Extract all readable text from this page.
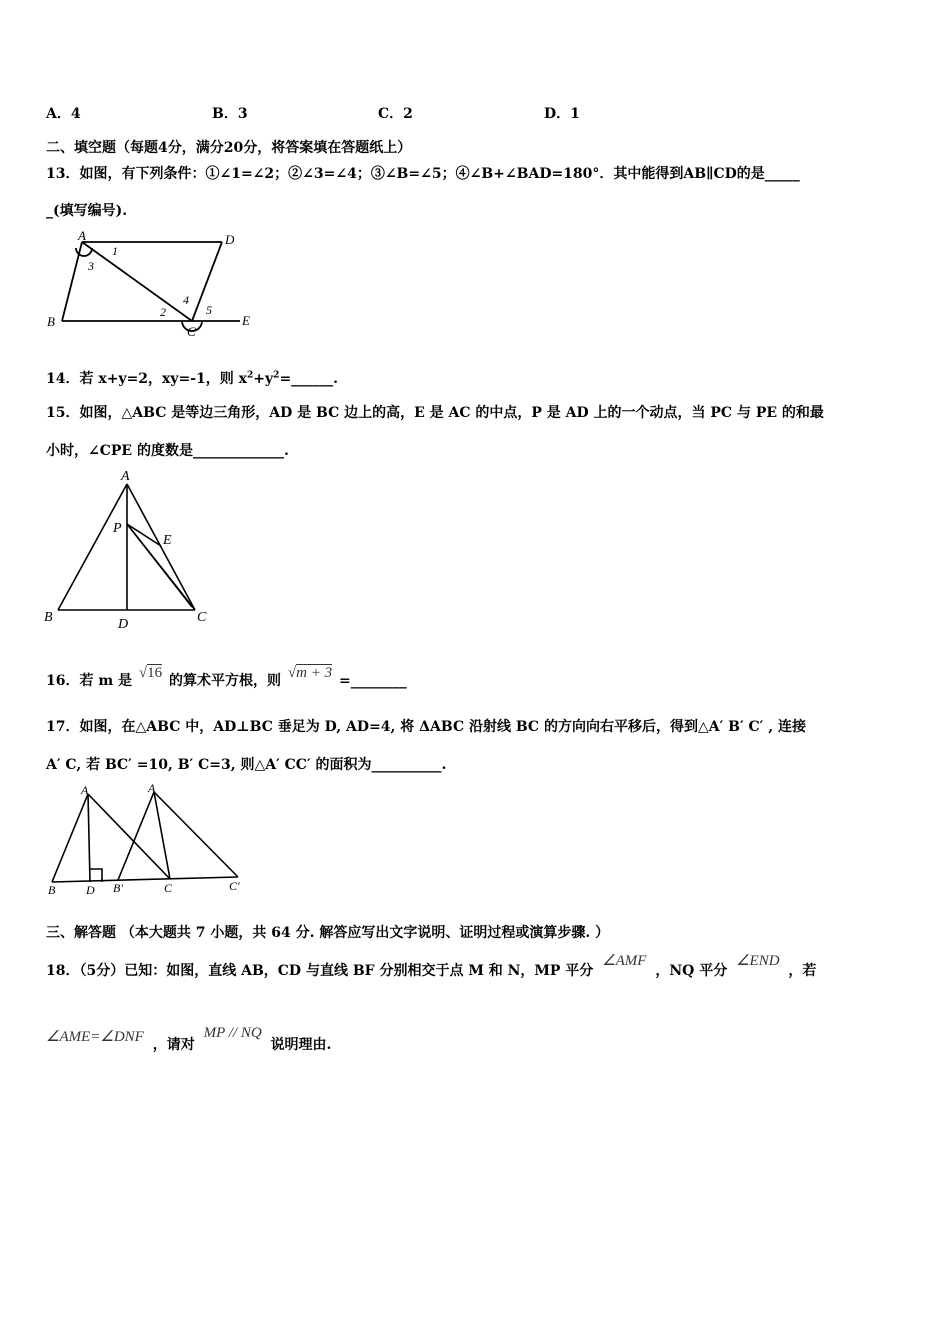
A．4	B．3	C．2	D．1
二、填空题（每题4分，满分20分，将答案填在答题纸上）
13．如图，有下列条件：①∠1=∠2；②∠3=∠4；③∠B=∠5；④∠B+∠BAD=180°．其中能得到AB∥CD的是_____
_(填写编号).
A	D
B
C
E
1
3
2
4
5
14．若 x+y=2，xy=-1，则 $x^2+y^2=\_\_\_\_\_\_$.
15．如图，△ABC 是等边三角形，AD 是 BC 边上的高，E 是 AC 的中点，P 是 AD 上的一个动点，当 PC 与 PE 的和最
小时，∠CPE 的度数是_____________.
A
P
E
B	D	C
16．若 m 是 √16 的算术平方根，则 √m + 3 =________
17．如图，在△ABC 中，AD⊥BC 垂足为 D, AD=4, 将 ΔABC 沿射线 BC 的方向向右平移后，得到△A′ B′ C′ , 连接
A′ C, 若 BC′ =10, B′ C=3, 则△A′ CC′ 的面积为__________.
A	A
B	D B'	C	C'
三、解答题 （本大题共 7 小题，共 64 分. 解答应写出文字说明、证明过程或演算步骤. ）
18．（5分）已知：如图，直线 AB，CD 与直线 BF 分别相交于点 M 和 N，MP 平分 ∠AMF ，NQ 平分 ∠END ，若
∠AME=∠DNF ，请对 MP // NQ 说明理由.
